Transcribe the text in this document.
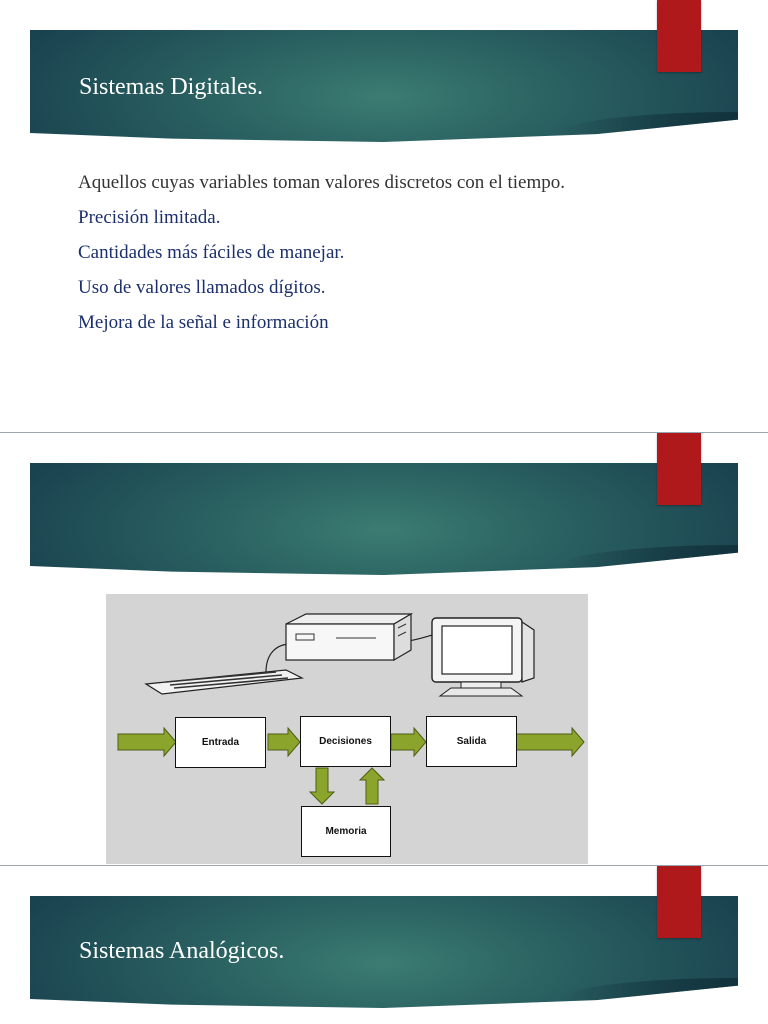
Sistemas Digitales.

Aquellos cuyas variables toman valores discretos con el tiempo.

Precisión limitada.

Cantidades más fáciles de manejar.

Uso de valores llamados dígitos.

Mejora de la señal e información

Entrada	Decisiones	Salida
Memoria
Sistemas Analógicos.
